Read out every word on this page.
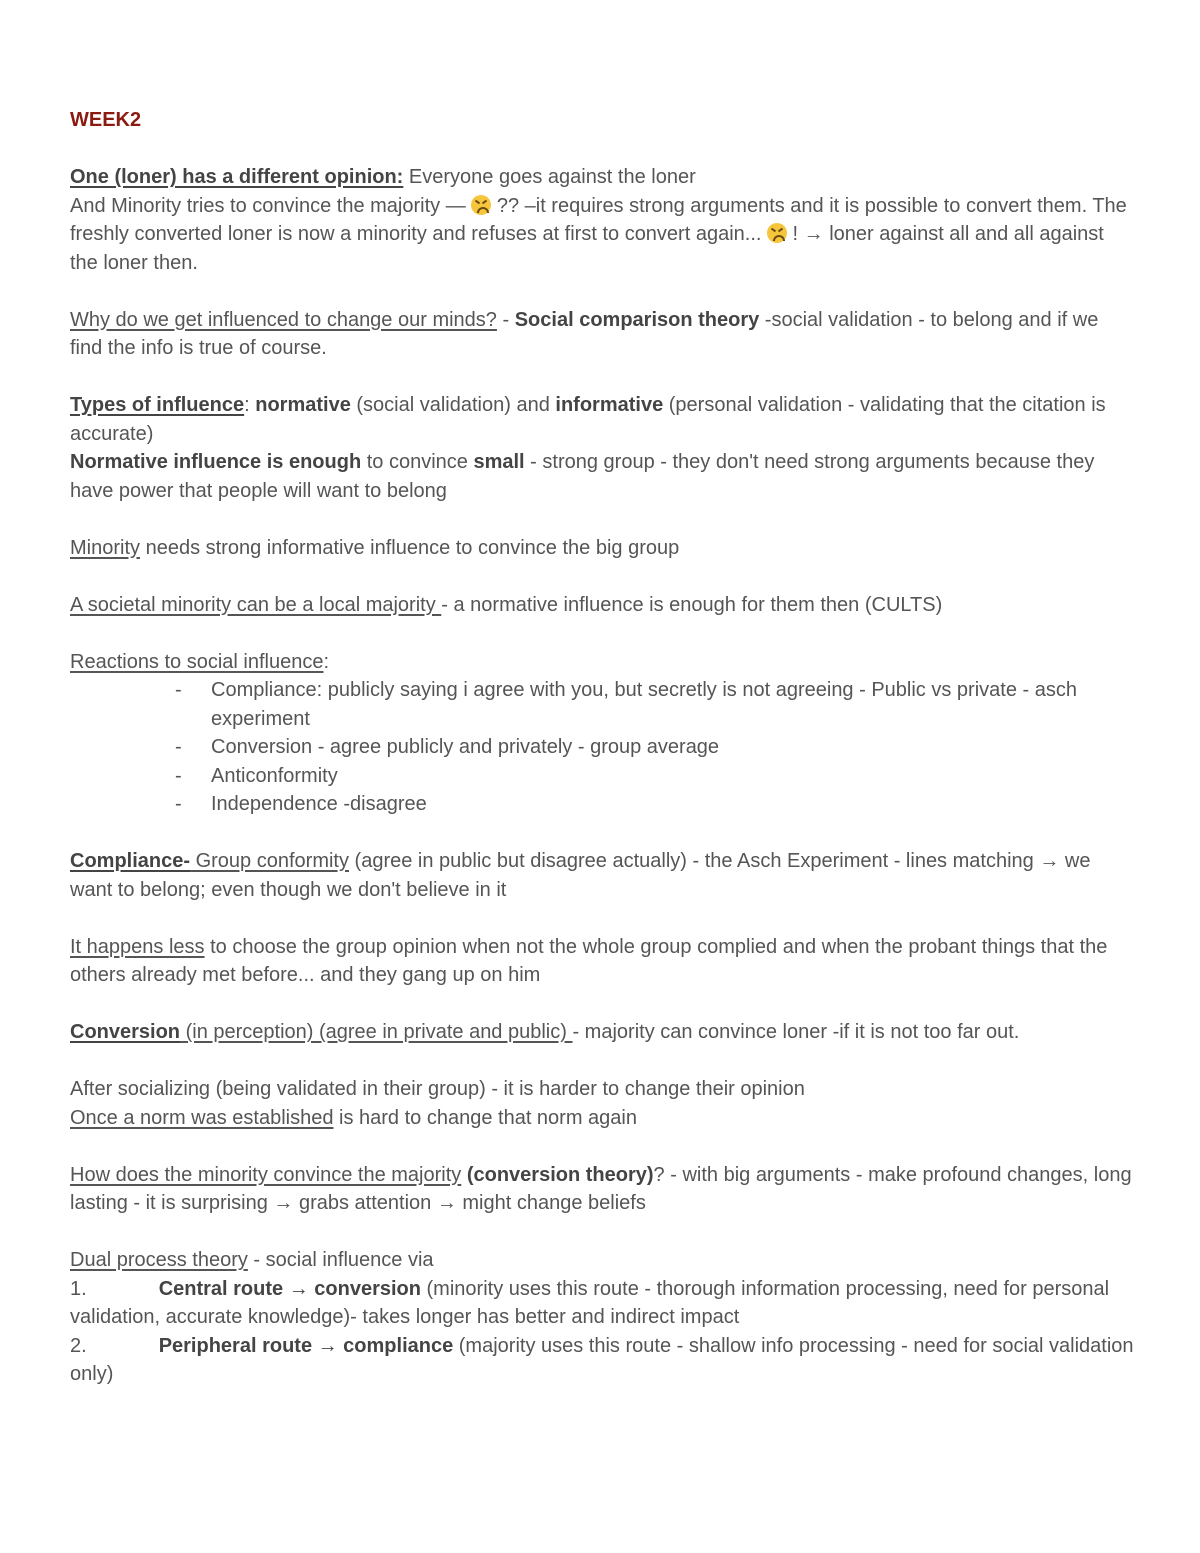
WEEK2

One (loner) has a different opinion: Everyone goes against the loner
And Minority tries to convince the majority —
?? –it requires strong arguments and it is possible to convert them. The freshly converted loner is now a minority and refuses at first to convert again...
! → loner against all and all against the loner then.

Why do we get influenced to change our minds? - Social comparison theory -social validation - to belong and if we find the info is true of course.

Types of influence: normative (social validation) and informative (personal validation - validating that the citation is accurate)

Normative influence is enough to convince small - strong group - they don't need strong arguments because they have power that people will want to belong

Minority needs strong informative influence to convince the big group

A societal minority can be a local majority - a normative influence is enough for them then (CULTS)

Reactions to social influence:

- Compliance: publicly saying i agree with you, but secretly is not agreeing - Public vs private - asch experiment
- Conversion - agree publicly and privately - group average
- Anticonformity
- Independence -disagree

Compliance- Group conformity (agree in public but disagree actually) - the Asch Experiment - lines matching → we want to belong; even though we don't believe in it

It happens less to choose the group opinion when not the whole group complied and when the probant things that the others already met before... and they gang up on him

Conversion (in perception) (agree in private and public) - majority can convince loner -if it is not too far out.

After socializing (being validated in their group) - it is harder to change their opinion
Once a norm was established is hard to change that norm again

How does the minority convince the majority (conversion theory)? - with big arguments - make profound changes, long lasting - it is surprising → grabs attention → might change beliefs

Dual process theory - social influence via

1.	Central route → conversion (minority uses this route - thorough information processing, need for personal validation, accurate knowledge)- takes longer has better and indirect impact

2.	Peripheral route → compliance (majority uses this route - shallow info processing - need for social validation only)
